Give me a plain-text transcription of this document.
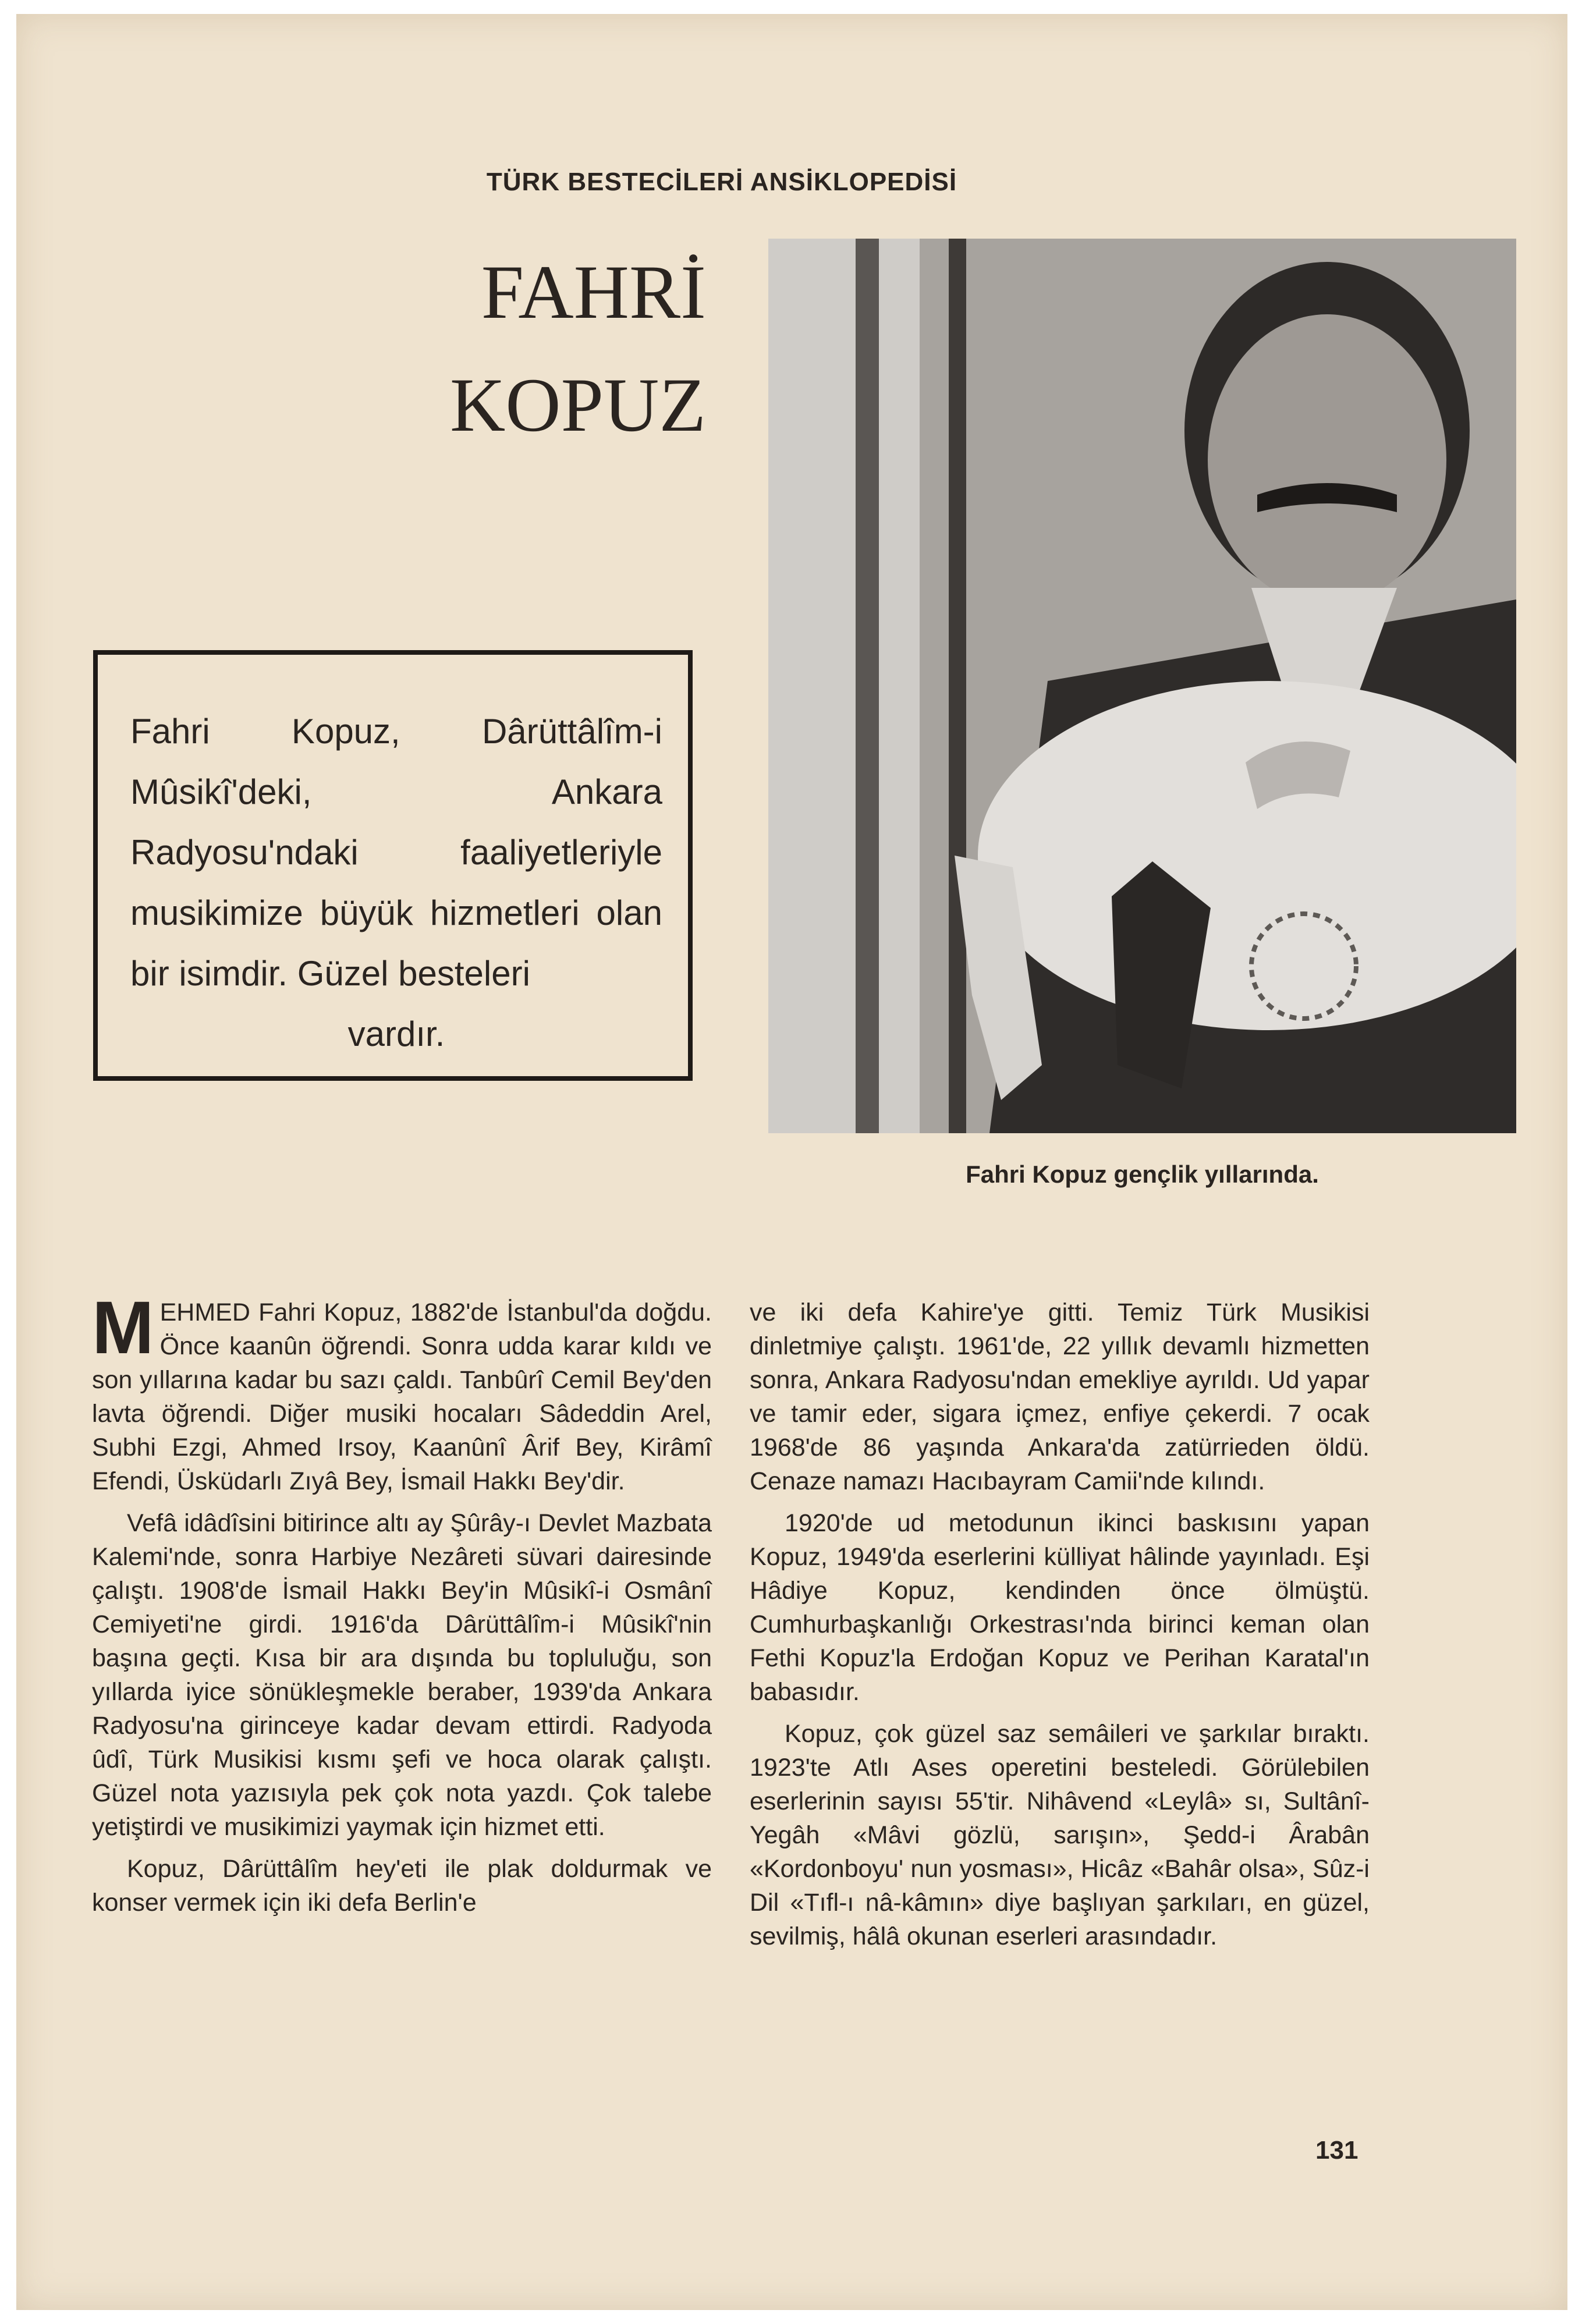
TÜRK BESTECİLERİ ANSİKLOPEDİSİ
FAHRİ
KOPUZ

Fahri Kopuz, Dârüttâlîm-i Mûsikî'deki, Ankara Radyosu'ndaki faaliyetleriyle musikimize büyük hizmetleri olan bir isimdir. Güzel besteleri

vardır.

Fahri Kopuz gençlik yıllarında.

MEHMED Fahri Kopuz, 1882'de İstanbul'da doğdu. Önce kaanûn öğrendi. Sonra udda karar kıldı ve son yıllarına kadar bu sazı çaldı. Tanbûrî Cemil Bey'den lavta öğrendi. Diğer musiki hocaları Sâdeddin Arel, Subhi Ezgi, Ahmed Irsoy, Kaanûnî Ârif Bey, Kirâmî Efendi, Üsküdarlı Zıyâ Bey, İsmail Hakkı Bey'dir.

Vefâ idâdîsini bitirince altı ay Şûrây-ı Devlet Mazbata Kalemi'nde, sonra Harbiye Nezâreti süvari dairesinde çalıştı. 1908'de İsmail Hakkı Bey'in Mûsikî-i Osmânî Cemiyeti'ne girdi. 1916'da Dârüttâlîm-i Mûsikî'nin başına geçti. Kısa bir ara dışında bu topluluğu, son yıllarda iyice sönükleşmekle beraber, 1939'da Ankara Radyosu'na girinceye kadar devam ettirdi. Radyoda ûdî, Türk Musikisi kısmı şefi ve hoca olarak çalıştı. Güzel nota yazısıyla pek çok nota yazdı. Çok talebe yetiştirdi ve musikimizi yaymak için hizmet etti.

Kopuz, Dârüttâlîm hey'eti ile plak doldurmak ve konser vermek için iki defa Berlin'e

ve iki defa Kahire'ye gitti. Temiz Türk Musikisi dinletmiye çalıştı. 1961'de, 22 yıllık devamlı hizmetten sonra, Ankara Radyosu'ndan emekliye ayrıldı. Ud yapar ve tamir eder, sigara içmez, enfiye çekerdi. 7 ocak 1968'de 86 yaşında Ankara'da zatürrieden öldü. Cenaze namazı Hacıbayram Camii'nde kılındı.

1920'de ud metodunun ikinci baskısını yapan Kopuz, 1949'da eserlerini külliyat hâlinde yayınladı. Eşi Hâdiye Kopuz, kendinden önce ölmüştü. Cumhurbaşkanlığı Orkestrası'nda birinci keman olan Fethi Kopuz'la Erdoğan Kopuz ve Perihan Karatal'ın babasıdır.

Kopuz, çok güzel saz semâileri ve şarkılar bıraktı. 1923'te Atlı Ases operetini besteledi. Görülebilen eserlerinin sayısı 55'tir. Nihâvend «Leylâ» sı, Sultânî-Yegâh «Mâvi gözlü, sarışın», Şedd-i Ârabân «Kordonboyu' nun yosması», Hicâz «Bahâr olsa», Sûz-i Dil «Tıfl-ı nâ-kâmın» diye başlıyan şarkıları, en güzel, sevilmiş, hâlâ okunan eserleri arasındadır.

131
